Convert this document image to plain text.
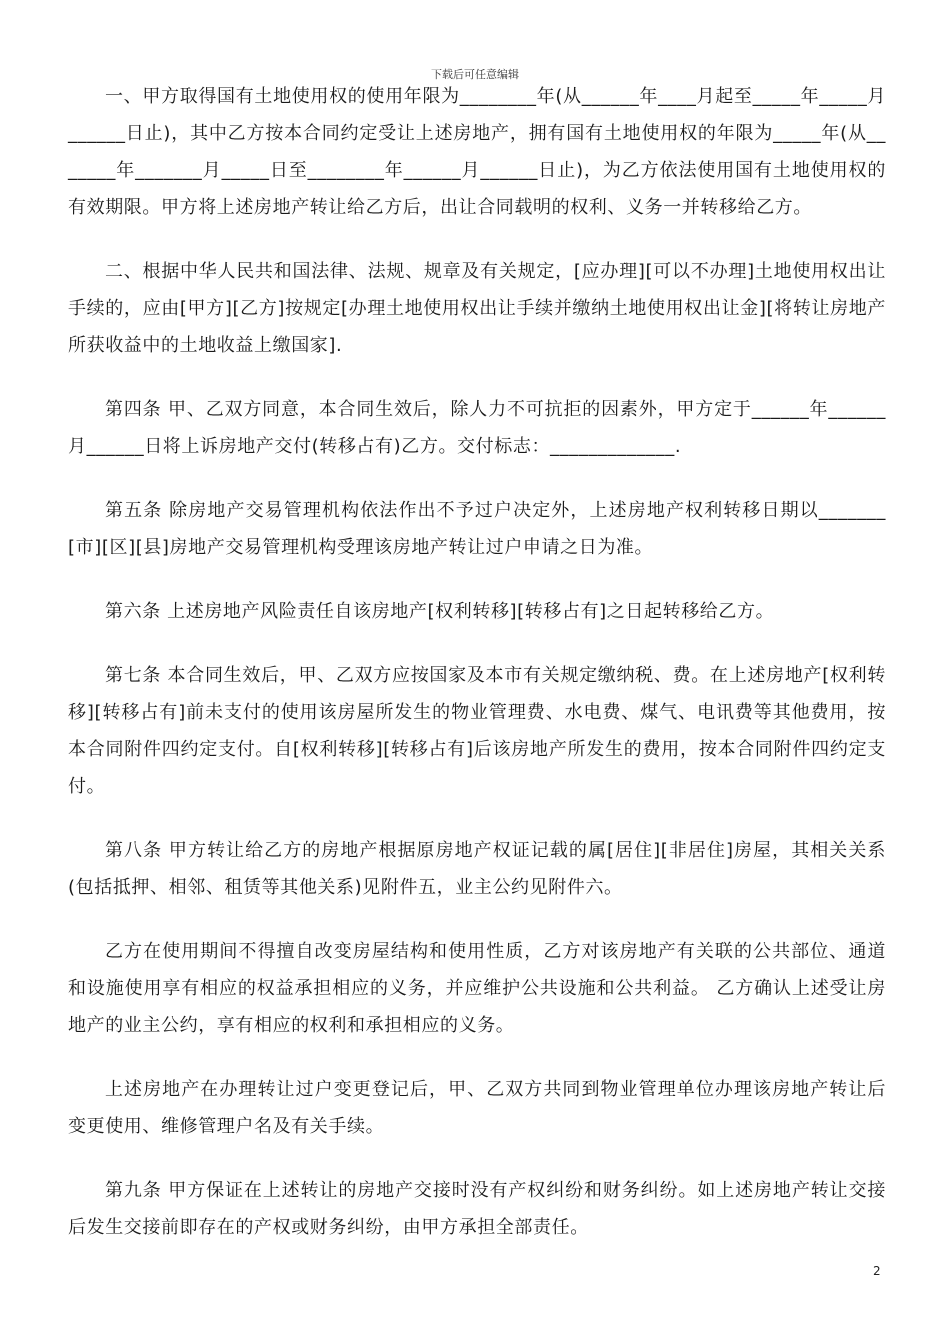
下载后可任意编辑

一、甲方取得国有土地使用权的使用年限为________年(从______年____月起至_____年_____月______日止)，其中乙方按本合同约定受让上述房地产，拥有国有土地使用权的年限为_____年(从_______年_______月_____日至________年______月______日止)，为乙方依法使用国有土地使用权的有效期限。甲方将上述房地产转让给乙方后，出让合同载明的权利、义务一并转移给乙方。

二、根据中华人民共和国法律、法规、规章及有关规定，[应办理][可以不办理]土地使用权出让手续的，应由[甲方][乙方]按规定[办理土地使用权出让手续并缴纳土地使用权出让金][将转让房地产所获收益中的土地收益上缴国家].

第四条 甲、乙双方同意，本合同生效后，除人力不可抗拒的因素外，甲方定于______年______月______日将上诉房地产交付(转移占有)乙方。交付标志：_____________.

第五条 除房地产交易管理机构依法作出不予过户决定外，上述房地产权利转移日期以_______[市][区][县]房地产交易管理机构受理该房地产转让过户申请之日为准。

第六条 上述房地产风险责任自该房地产[权利转移][转移占有]之日起转移给乙方。

第七条 本合同生效后，甲、乙双方应按国家及本市有关规定缴纳税、费。在上述房地产[权利转移][转移占有]前未支付的使用该房屋所发生的物业管理费、水电费、煤气、电讯费等其他费用，按本合同附件四约定支付。自[权利转移][转移占有]后该房地产所发生的费用，按本合同附件四约定支付。

第八条 甲方转让给乙方的房地产根据原房地产权证记载的属[居住][非居住]房屋，其相关关系(包括抵押、相邻、租赁等其他关系)见附件五，业主公约见附件六。

乙方在使用期间不得擅自改变房屋结构和使用性质，乙方对该房地产有关联的公共部位、通道和设施使用享有相应的权益承担相应的义务，并应维护公共设施和公共利益。 乙方确认上述受让房地产的业主公约，享有相应的权利和承担相应的义务。

上述房地产在办理转让过户变更登记后，甲、乙双方共同到物业管理单位办理该房地产转让后变更使用、维修管理户名及有关手续。

第九条 甲方保证在上述转让的房地产交接时没有产权纠纷和财务纠纷。如上述房地产转让交接后发生交接前即存在的产权或财务纠纷，由甲方承担全部责任。

2
